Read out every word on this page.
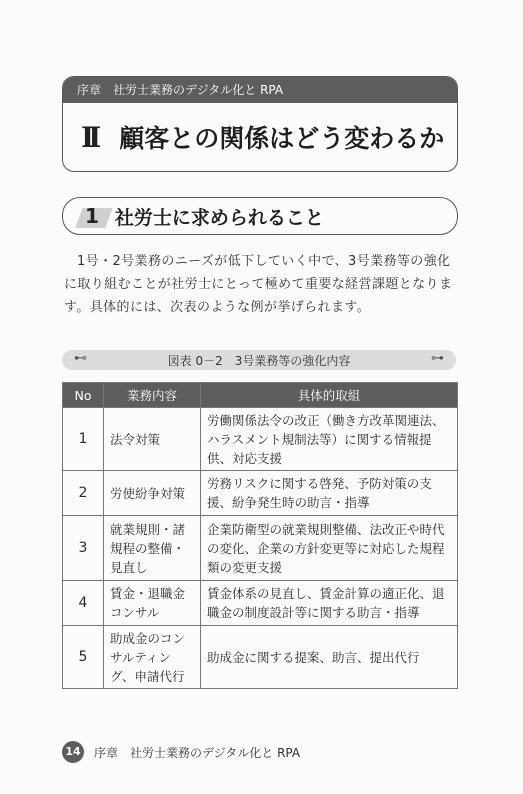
序章　社労士業務のデジタル化と RPA
II 顧客との関係はどう変わるか
1 社労士に求められること

1号・2号業務のニーズが低下していく中で、3号業務等の強化に取り組むことが社労士にとって極めて重要な経営課題となります。具体的には、次表のような例が挙げられます。

⊷	図表 0－2 3号業務等の強化内容	⊶
No	業務内容	具体的取組
1	法令対策	労働関係法令の改正（働き方改革関連法、ハラスメント規制法等）に関する情報提供、対応支援
2	労使紛争対策	労務リスクに関する啓発、予防対策の支援、紛争発生時の助言・指導
3	就業規則・諸規程の整備・見直し	企業防衛型の就業規則整備、法改正や時代の変化、企業の方針変更等に対応した規程類の変更支援
4	賃金・退職金コンサル	賃金体系の見直し、賃金計算の適正化、退職金の制度設計等に関する助言・指導
5	助成金のコンサルティング、申請代行	助成金に関する提案、助言、提出代行
14 序章　社労士業務のデジタル化と RPA
